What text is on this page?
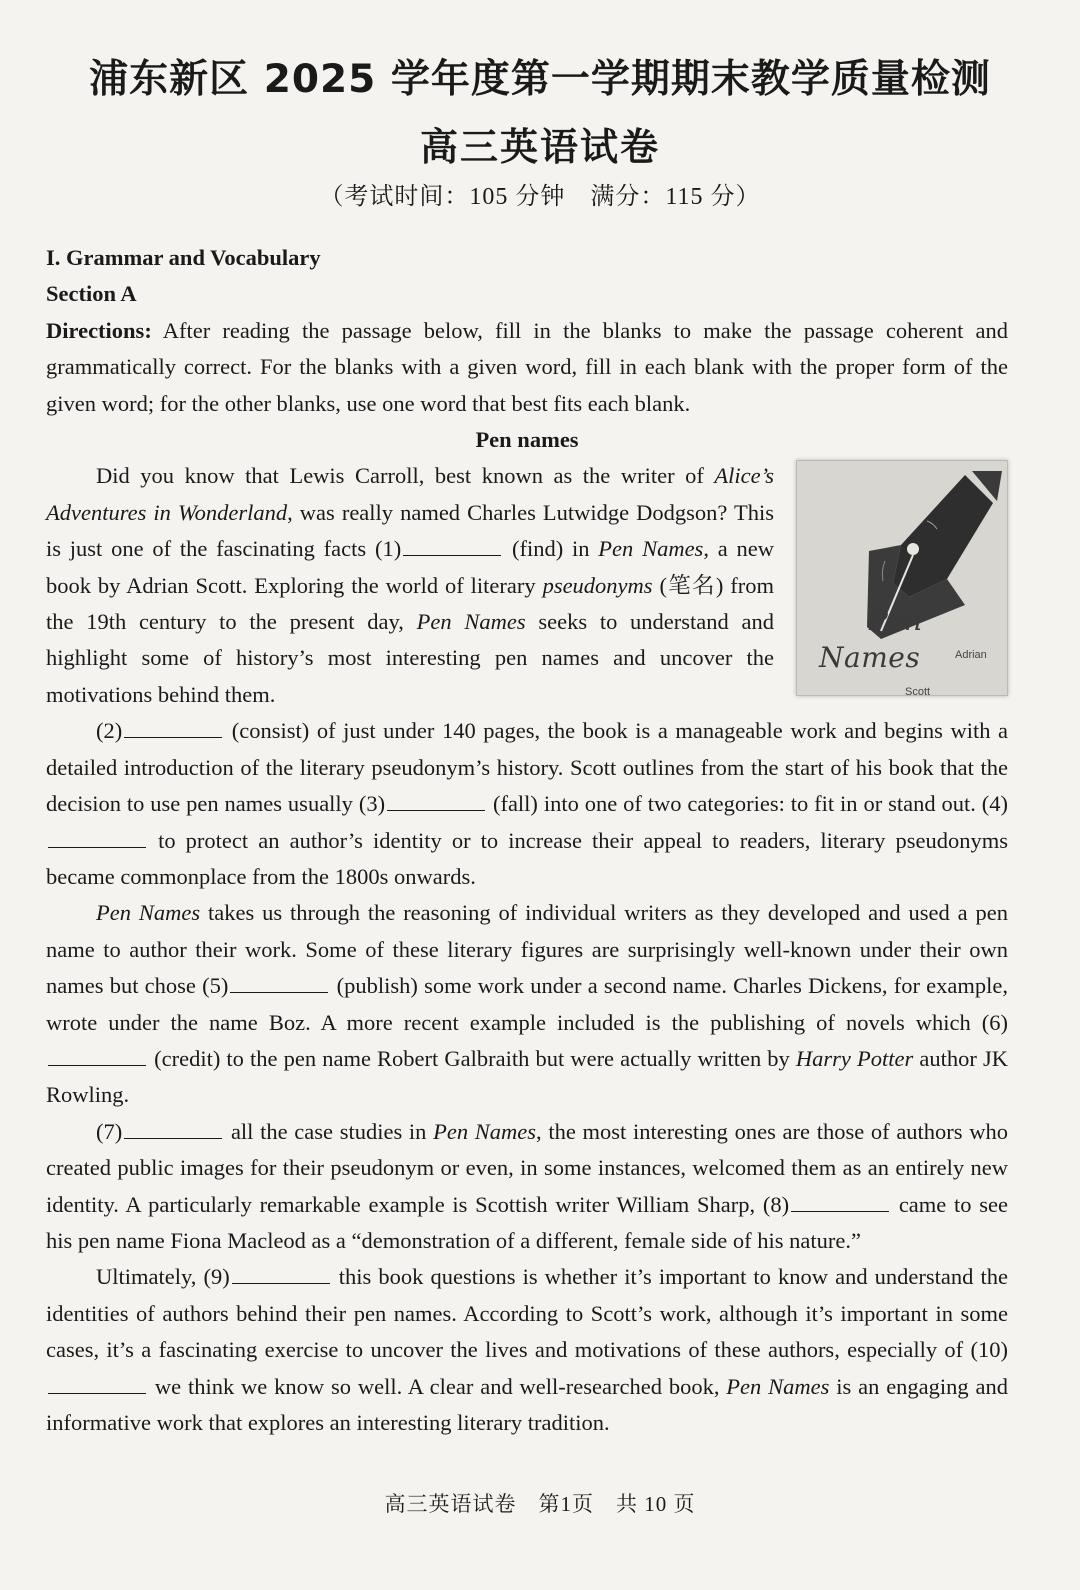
浦东新区 2025 学年度第一学期期末教学质量检测
高三英语试卷
（考试时间：105 分钟　满分：115 分）
I. Grammar and Vocabulary
Section A

Directions: After reading the passage below, fill in the blanks to make the passage coherent and grammatically correct. For the blanks with a given word, fill in each blank with the proper form of the given word; for the other blanks, use one word that best fits each blank.

Pen names

Pen Names	Adrian Scott
Did you know that Lewis Carroll, best known as the writer of Alice’s Adventures in Wonderland, was really named Charles Lutwidge Dodgson? This is just one of the fascinating facts (1)	(find) in Pen Names, a new book by Adrian Scott. Exploring the world of literary pseudonyms (笔名) from the 19th century to the present day, Pen Names seeks to understand and highlight some of history’s most interesting pen names and uncover the motivations behind them.

(2)	(consist) of just under 140 pages, the book is a manageable work and begins with a detailed introduction of the literary pseudonym’s history. Scott outlines from the start of his book that the decision to use pen names usually (3)	(fall) into one of two categories: to fit in or stand out. (4) to protect an author’s identity or to increase their appeal to readers, literary pseudonyms became commonplace from the 1800s onwards.

Pen Names takes us through the reasoning of individual writers as they developed and used a pen name to author their work. Some of these literary figures are surprisingly well-known under their own names but chose (5)	(publish) some work under a second name. Charles Dickens, for example, wrote under the name Boz. A more recent example included is the publishing of novels which (6) (credit) to the pen name Robert Galbraith but were actually written by Harry Potter author JK Rowling.

(7)	all the case studies in Pen Names, the most interesting ones are those of authors who created public images for their pseudonym or even, in some instances, welcomed them as an entirely new identity. A particularly remarkable example is Scottish writer William Sharp, (8)	came to see his pen name Fiona Macleod as a “demonstration of a different, female side of his nature.”

Ultimately, (9)	this book questions is whether it’s important to know and understand the identities of authors behind their pen names. According to Scott’s work, although it’s important in some cases, it’s a fascinating exercise to uncover the lives and motivations of these authors, especially of (10) we think we know so well. A clear and well-researched book, Pen Names is an engaging and informative work that explores an interesting literary tradition.

高三英语试卷　第1页　共 10 页
